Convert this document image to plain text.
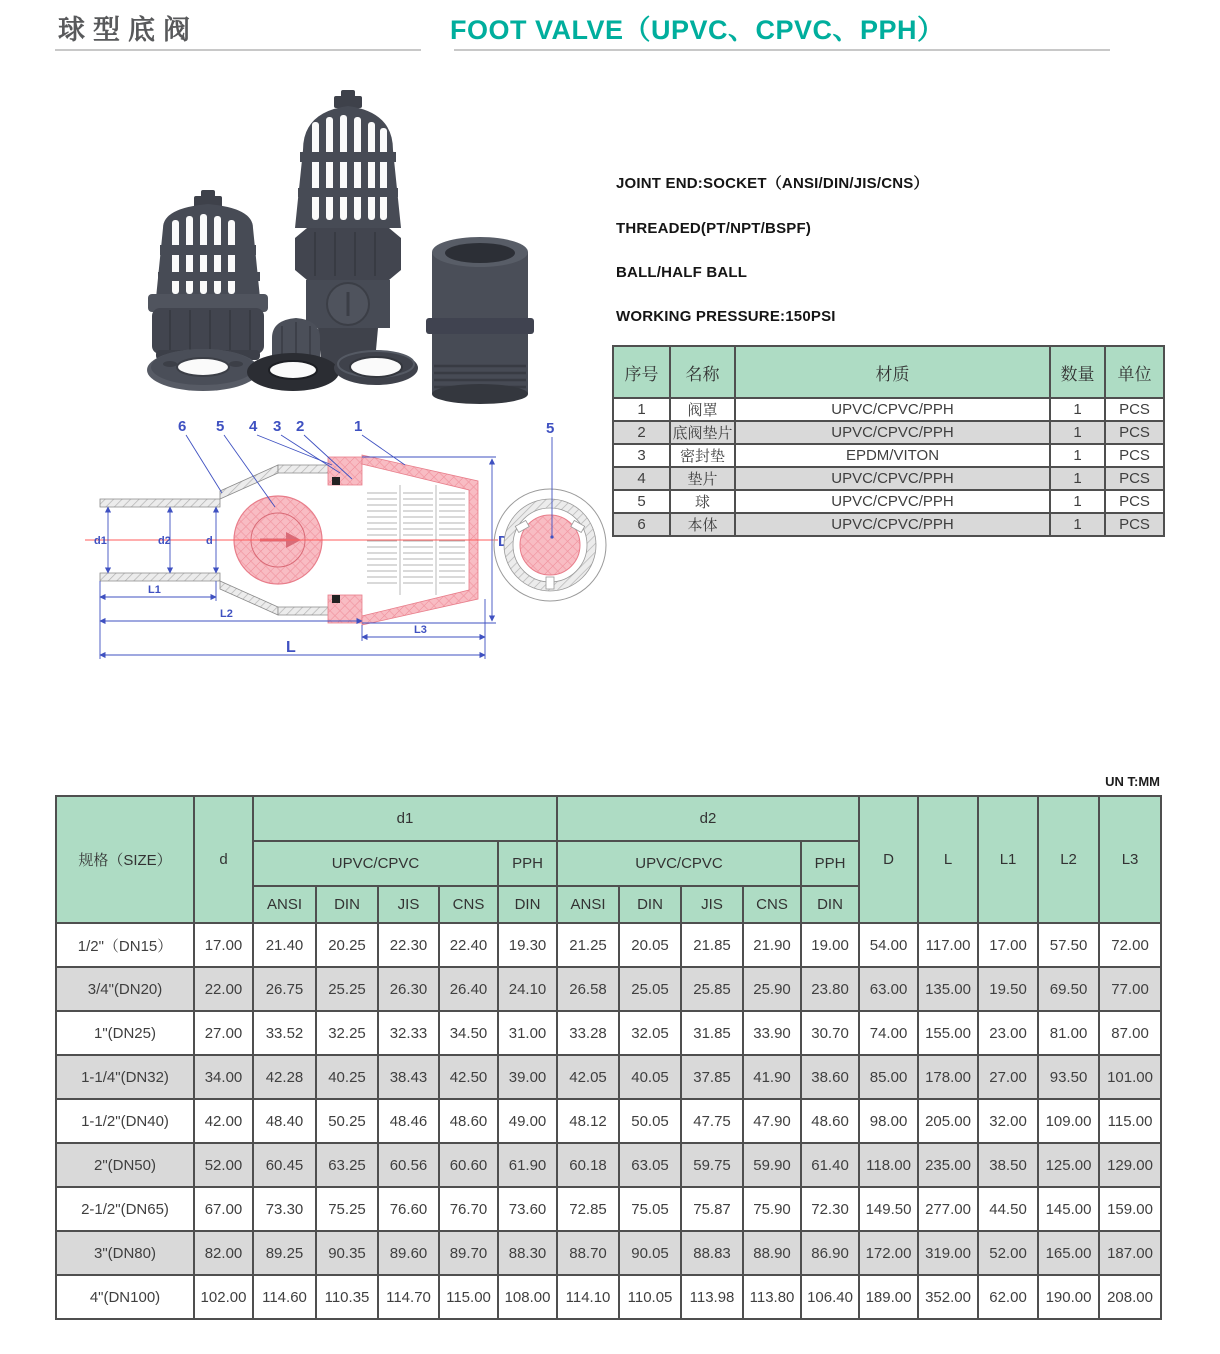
球型底阀	FOOT VALVE（UPVC、CPVC、PPH）
JOINT END:SOCKET（ANSI/DIN/JIS/CNS）
THREADED(PT/NPT/BSPF)
BALL/HALF BALL
WORKING PRESSURE:150PSI
序号	名称	材质	数量	单位
1	阀罩	UPVC/CPVC/PPH	1	PCS
2	底阀垫片	UPVC/CPVC/PPH	1	PCS
3	密封垫	EPDM/VITON	1	PCS
4	垫片	UPVC/CPVC/PPH	1	PCS
5	球	UPVC/CPVC/PPH	1	PCS
6	本体	UPVC/CPVC/PPH	1	PCS
d1	d2	d
L1
L2
L3
L
D
6 5 4 3 2	1	5
UN T:MM
规格（SIZE）	d	d1					d2					D	L	L1	L2	L3
		UPVC/CPVC				PPH	UPVC/CPVC				PPH					
		ANSI	DIN	JIS	CNS	DIN	ANSI	DIN	JIS	CNS	DIN					
1/2"（DN15）	17.00	21.40	20.25	22.30	22.40	19.30	21.25	20.05	21.85	21.90	19.00	54.00	117.00	17.00	57.50	72.00
3/4"(DN20)	22.00	26.75	25.25	26.30	26.40	24.10	26.58	25.05	25.85	25.90	23.80	63.00	135.00	19.50	69.50	77.00
1"(DN25)	27.00	33.52	32.25	32.33	34.50	31.00	33.28	32.05	31.85	33.90	30.70	74.00	155.00	23.00	81.00	87.00
1-1/4"(DN32)	34.00	42.28	40.25	38.43	42.50	39.00	42.05	40.05	37.85	41.90	38.60	85.00	178.00	27.00	93.50	101.00
1-1/2"(DN40)	42.00	48.40	50.25	48.46	48.60	49.00	48.12	50.05	47.75	47.90	48.60	98.00	205.00	32.00	109.00	115.00
2"(DN50)	52.00	60.45	63.25	60.56	60.60	61.90	60.18	63.05	59.75	59.90	61.40	118.00	235.00	38.50	125.00	129.00
2-1/2"(DN65)	67.00	73.30	75.25	76.60	76.70	73.60	72.85	75.05	75.87	75.90	72.30	149.50	277.00	44.50	145.00	159.00
3"(DN80)	82.00	89.25	90.35	89.60	89.70	88.30	88.70	90.05	88.83	88.90	86.90	172.00	319.00	52.00	165.00	187.00
4"(DN100)	102.00	114.60	110.35	114.70	115.00	108.00	114.10	110.05	113.98	113.80	106.40	189.00	352.00	62.00	190.00	208.00
